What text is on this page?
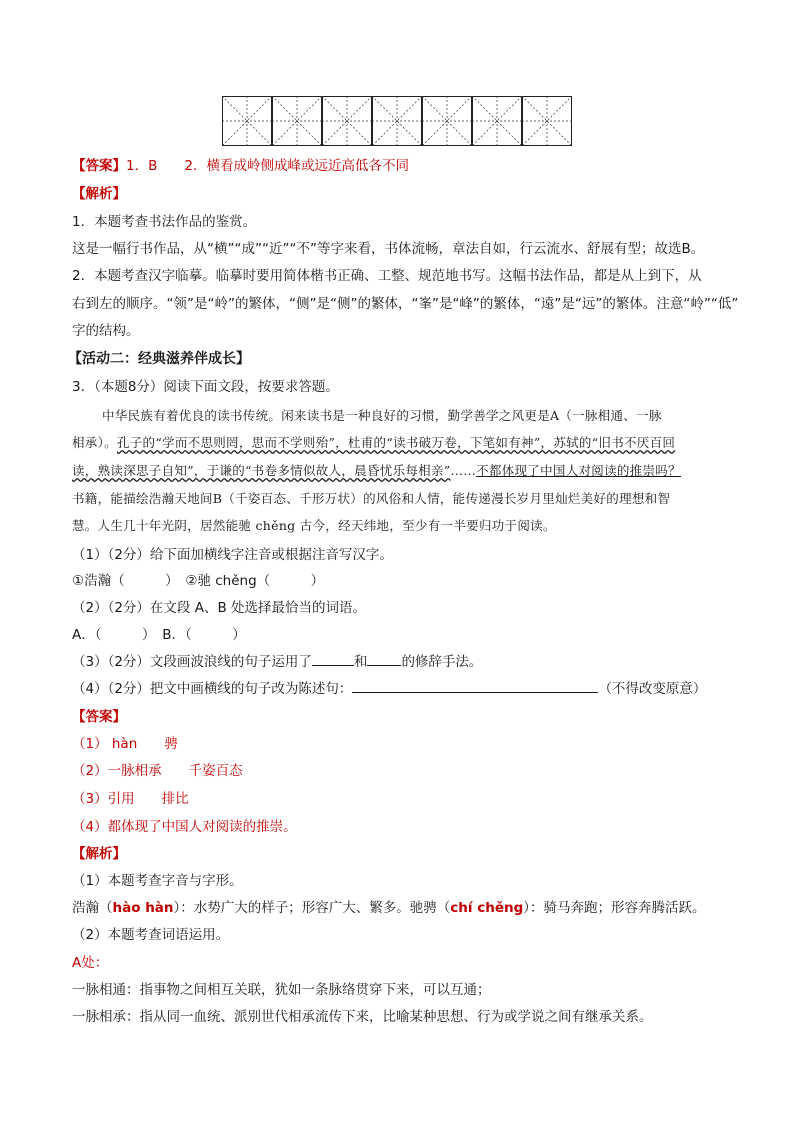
【答案】1．B　　2．横看成岭侧成峰或远近高低各不同
【解析】
1．本题考查书法作品的鉴赏。
这是一幅行书作品，从“横”“成”“近”“不”等字来看，书体流畅，章法自如，行云流水、舒展有型；故选B。
2．本题考查汉字临摹。临摹时要用简体楷书正确、工整、规范地书写。这幅书法作品，都是从上到下，从
右到左的顺序。“领”是“岭”的繁体，“侧”是“侧”的繁体，“峯”是“峰”的繁体，“遠”是“远”的繁体。注意“岭”“低”
字的结构。
【活动二：经典滋养伴成长】
3．（本题8分）阅读下面文段，按要求答题。
中华民族有着优良的读书传统。闲来读书是一种良好的习惯，勤学善学之风更是A（一脉相通、一脉
相承）。孔子的“学而不思则罔，思而不学则殆”，杜甫的“读书破万卷，下笔如有神”，苏轼的“旧书不厌百回
读，熟读深思子自知”，于谦的“书卷多情似故人，晨昏忧乐每相亲”……不都体现了中国人对阅读的推崇吗？
书籍，能描绘浩瀚天地间B（千姿百态、千形万状）的风俗和人情，能传递漫长岁月里灿烂美好的理想和智
慧。人生几十年光阴，居然能驰 chěng 古今，经天纬地，至少有一半要归功于阅读。
（1）（2分）给下面加横线字注音或根据注音写汉字。
①浩瀚（　　　）　②驰 chěng（　　　）
（2）（2分）在文段 A、B 处选择最恰当的词语。
A．（　　　）　B．（　　　）
（3）（2分）文段画波浪线的句子运用了	和	的修辞手法。
（4）（2分）把文中画横线的句子改为陈述句：	（不得改变原意）
【答案】
（1） hàn　　骋
（2）一脉相承　　千姿百态
（3）引用　　排比
（4）都体现了中国人对阅读的推崇。
【解析】
（1）本题考查字音与字形。
浩瀚（hào hàn）：水势广大的样子；形容广大、繁多。驰骋（chí chěng）：骑马奔跑；形容奔腾活跃。
（2）本题考查词语运用。
A处：
一脉相通：指事物之间相互关联，犹如一条脉络贯穿下来，可以互通；
一脉相承：指从同一血统、派别世代相承流传下来，比喻某种思想、行为或学说之间有继承关系。
